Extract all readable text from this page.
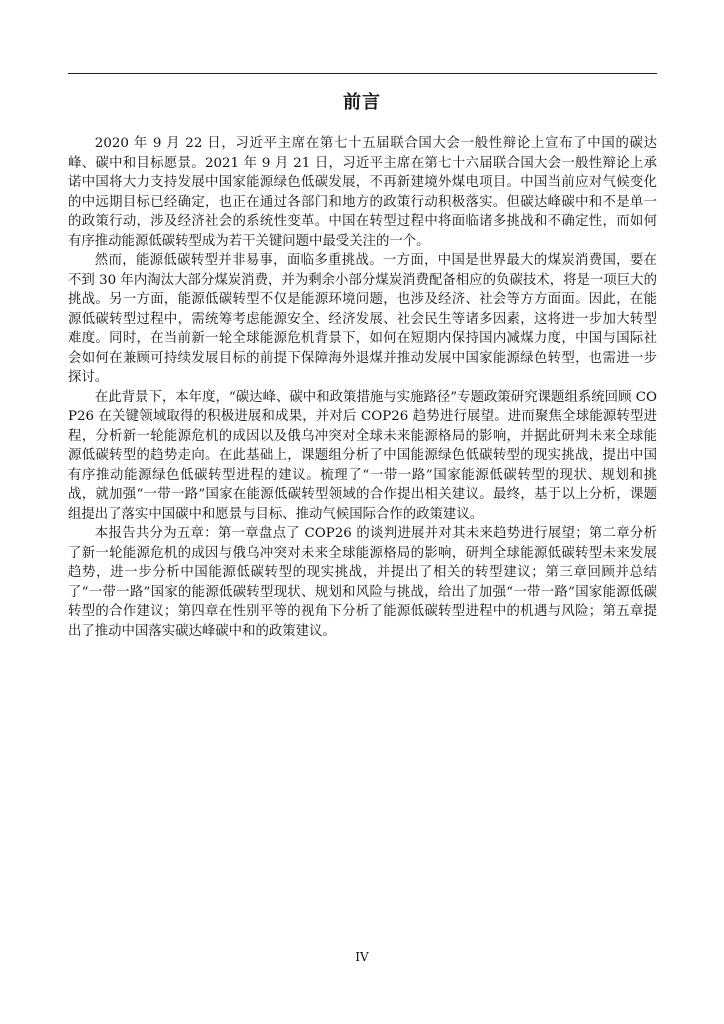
前言

2020 年 9 月 22 日，习近平主席在第七十五届联合国大会一般性辩论上宣布了中国的碳达峰、碳中和目标愿景。2021 年 9 月 21 日，习近平主席在第七十六届联合国大会一般性辩论上承诺中国将大力支持发展中国家能源绿色低碳发展，不再新建境外煤电项目。中国当前应对气候变化的中远期目标已经确定，也正在通过各部门和地方的政策行动积极落实。但碳达峰碳中和不是单一的政策行动，涉及经济社会的系统性变革。中国在转型过程中将面临诸多挑战和不确定性，而如何有序推动能源低碳转型成为若干关键问题中最受关注的一个。

然而，能源低碳转型并非易事，面临多重挑战。一方面，中国是世界最大的煤炭消费国，要在不到 30 年内淘汰大部分煤炭消费，并为剩余小部分煤炭消费配备相应的负碳技术，将是一项巨大的挑战。另一方面，能源低碳转型不仅是能源环境问题，也涉及经济、社会等方方面面。因此，在能源低碳转型过程中，需统筹考虑能源安全、经济发展、社会民生等诸多因素，这将进一步加大转型难度。同时，在当前新一轮全球能源危机背景下，如何在短期内保持国内减煤力度，中国与国际社会如何在兼顾可持续发展目标的前提下保障海外退煤并推动发展中国家能源绿色转型，也需进一步探讨。

在此背景下，本年度，“碳达峰、碳中和政策措施与实施路径”专题政策研究课题组系统回顾 COP26 在关键领域取得的积极进展和成果，并对后 COP26 趋势进行展望。进而聚焦全球能源转型进程，分析新一轮能源危机的成因以及俄乌冲突对全球未来能源格局的影响，并据此研判未来全球能源低碳转型的趋势走向。在此基础上，课题组分析了中国能源绿色低碳转型的现实挑战，提出中国有序推动能源绿色低碳转型进程的建议。梳理了“一带一路”国家能源低碳转型的现状、规划和挑战，就加强“一带一路”国家在能源低碳转型领域的合作提出相关建议。最终，基于以上分析，课题组提出了落实中国碳中和愿景与目标、推动气候国际合作的政策建议。

本报告共分为五章：第一章盘点了 COP26 的谈判进展并对其未来趋势进行展望；第二章分析了新一轮能源危机的成因与俄乌冲突对未来全球能源格局的影响，研判全球能源低碳转型未来发展趋势，进一步分析中国能源低碳转型的现实挑战，并提出了相关的转型建议；第三章回顾并总结了“一带一路”国家的能源低碳转型现状、规划和风险与挑战，给出了加强“一带一路”国家能源低碳转型的合作建议；第四章在性别平等的视角下分析了能源低碳转型进程中的机遇与风险；第五章提出了推动中国落实碳达峰碳中和的政策建议。

IV
